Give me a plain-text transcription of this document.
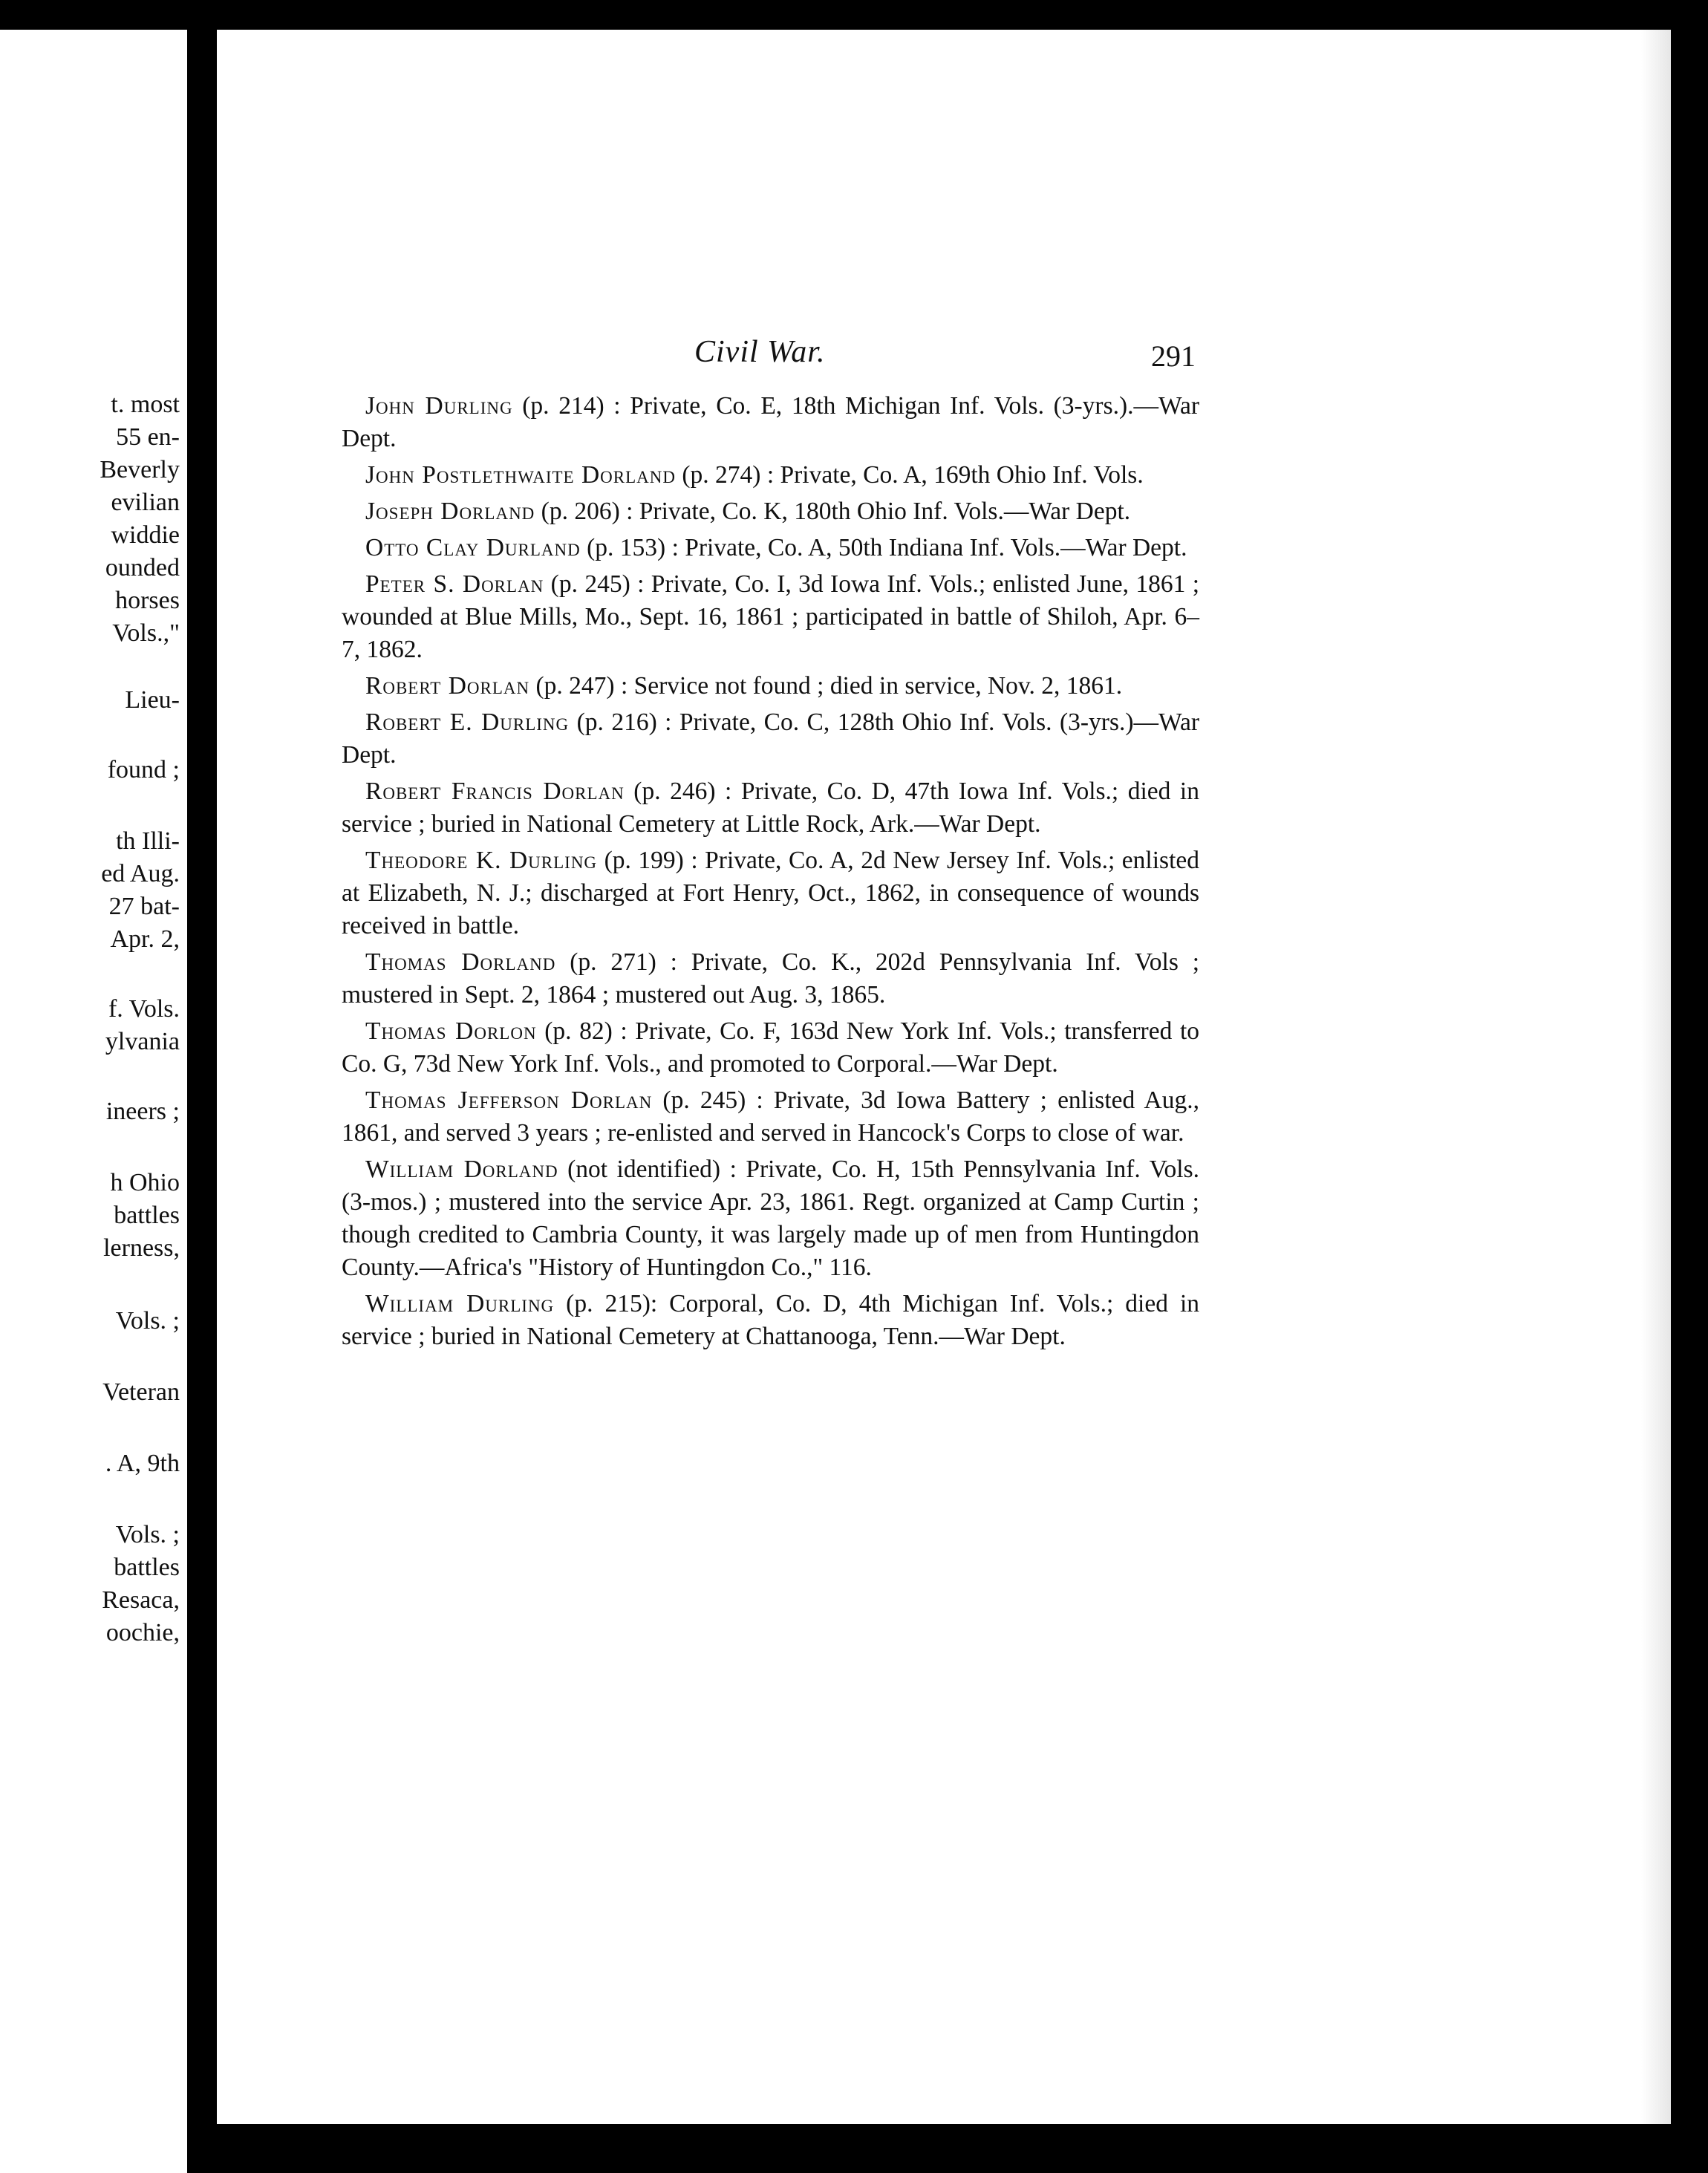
t. most
55 en-
Beverly
evilian
widdie
ounded
horses
Vols.,"
Lieu-
found ;
th Illi-
ed Aug.
27 bat-
Apr. 2,
f. Vols.
ylvania
ineers ;
h Ohio
battles
lerness,
Vols. ;
Veteran
. A, 9th
Vols. ;
battles
Resaca,
oochie,
Civil War.	291

John Durling (p. 214) : Private, Co. E, 18th Michigan Inf. Vols. (3-yrs.).—War Dept.

John Postlethwaite Dorland (p. 274) : Private, Co. A, 169th Ohio Inf. Vols.

Joseph Dorland (p. 206) : Private, Co. K, 180th Ohio Inf. Vols.—War Dept.

Otto Clay Durland (p. 153) : Private, Co. A, 50th Indiana Inf. Vols.—War Dept.

Peter S. Dorlan (p. 245) : Private, Co. I, 3d Iowa Inf. Vols.; enlisted June, 1861 ; wounded at Blue Mills, Mo., Sept. 16, 1861 ; participated in battle of Shiloh, Apr. 6–7, 1862.

Robert Dorlan (p. 247) : Service not found ; died in service, Nov. 2, 1861.

Robert E. Durling (p. 216) : Private, Co. C, 128th Ohio Inf. Vols. (3-yrs.)—War Dept.

Robert Francis Dorlan (p. 246) : Private, Co. D, 47th Iowa Inf. Vols.; died in service ; buried in National Cemetery at Little Rock, Ark.—War Dept.

Theodore K. Durling (p. 199) : Private, Co. A, 2d New Jersey Inf. Vols.; enlisted at Elizabeth, N. J.; discharged at Fort Henry, Oct., 1862, in consequence of wounds received in battle.

Thomas Dorland (p. 271) : Private, Co. K., 202d Pennsylvania Inf. Vols ; mustered in Sept. 2, 1864 ; mustered out Aug. 3, 1865.

Thomas Dorlon (p. 82) : Private, Co. F, 163d New York Inf. Vols.; transferred to Co. G, 73d New York Inf. Vols., and promoted to Corporal.—War Dept.

Thomas Jefferson Dorlan (p. 245) : Private, 3d Iowa Battery ; enlisted Aug., 1861, and served 3 years ; re-enlisted and served in Hancock's Corps to close of war.

William Dorland (not identified) : Private, Co. H, 15th Pennsylvania Inf. Vols. (3-mos.) ; mustered into the service Apr. 23, 1861. Regt. organized at Camp Curtin ; though credited to Cambria County, it was largely made up of men from Huntingdon County.—Africa's "History of Huntingdon Co.," 116.

William Durling (p. 215): Corporal, Co. D, 4th Michigan Inf. Vols.; died in service ; buried in National Cemetery at Chattanooga, Tenn.—War Dept.
